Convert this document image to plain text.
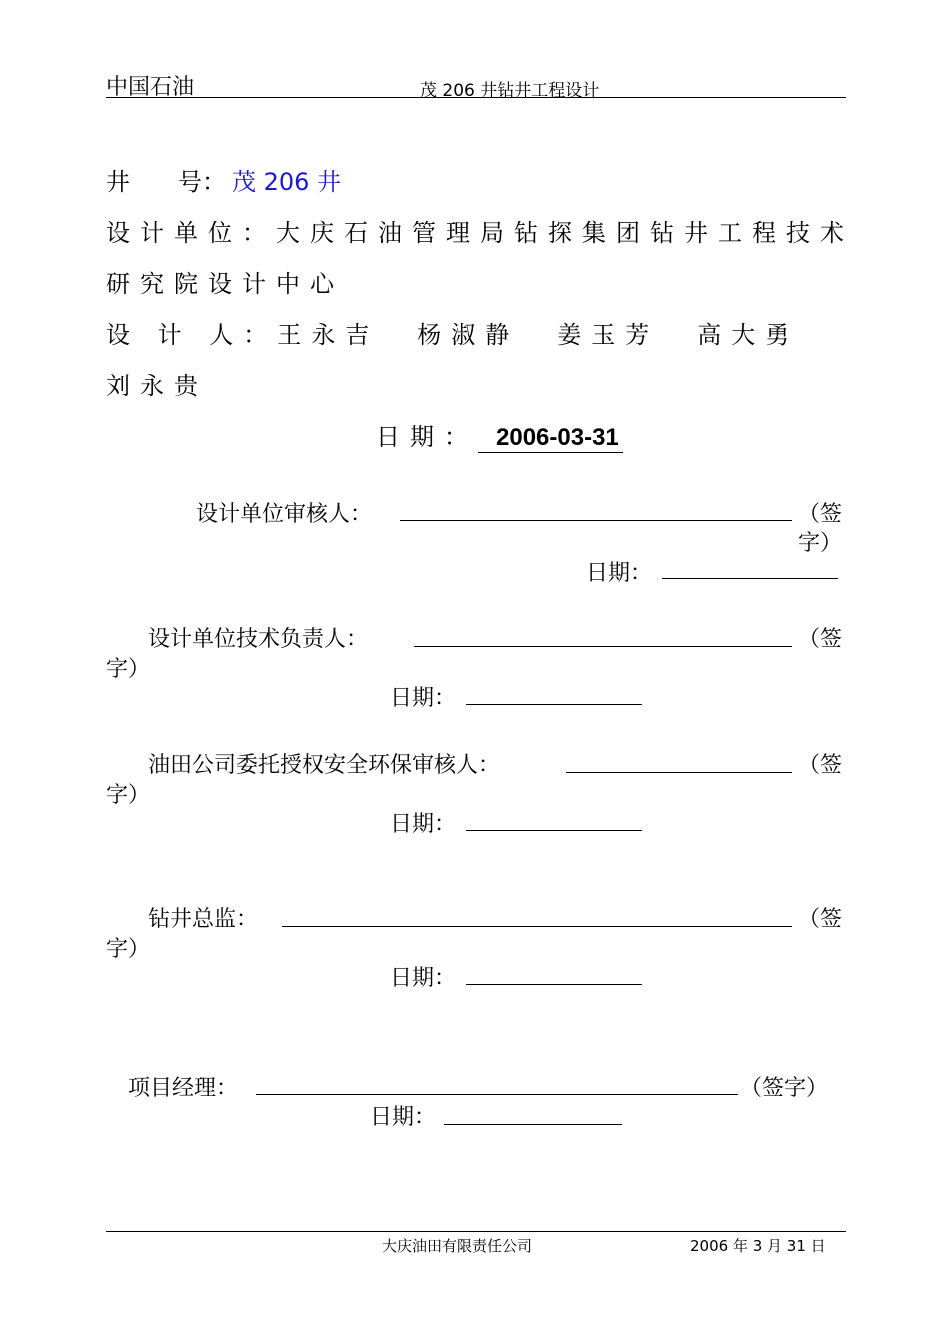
中国石油	茂 206 井钻井工程设计
井　　号： 茂 206 井
设计单位：大庆石油管理局钻探集团钻井工程技术
研究院设计中心
设 计 人：王永吉 杨淑静 姜玉芳 高大勇
刘永贵
日期： 2006-03-31
设计单位审核人：	（签
字）
日期：
设计单位技术负责人：	（签
字）
日期：
油田公司委托授权安全环保审核人：	（签
字）
日期：
钻井总监：	（签
字）
日期：
项目经理：	（签字）
日期：
大庆油田有限责任公司	2006 年 3 月 31 日
